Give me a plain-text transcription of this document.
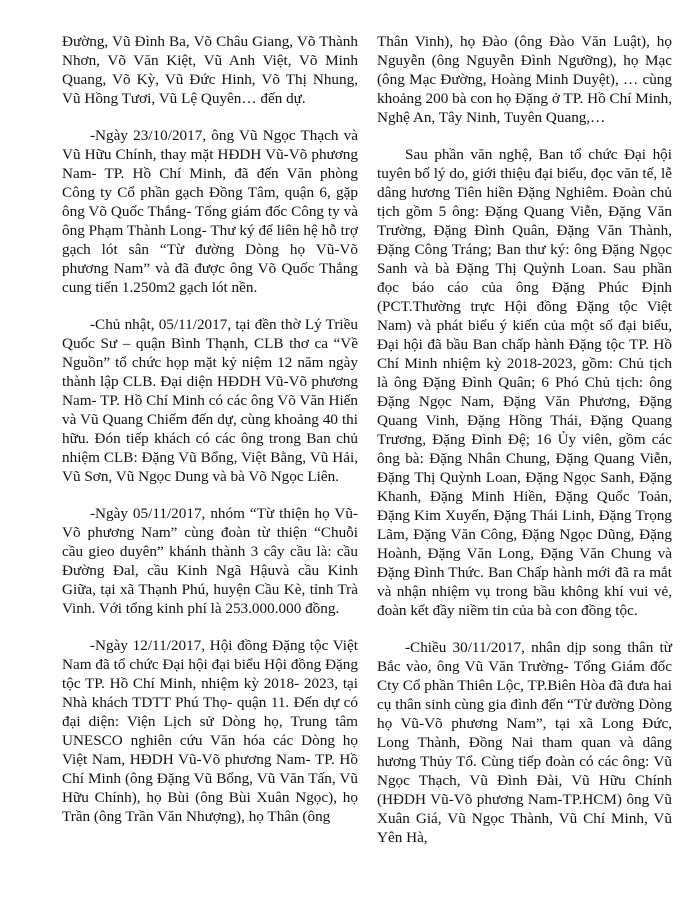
Đường, Vũ Đình Ba, Võ Châu Giang, Võ Thành Nhơn, Võ Văn Kiệt, Vũ Anh Việt, Võ Minh Quang, Võ Kỳ, Vũ Đức Hinh, Võ Thị Nhung, Vũ Hồng Tươi, Vũ Lệ Quyên… đến dự.

-Ngày 23/10/2017, ông Vũ Ngọc Thạch và Vũ Hữu Chính, thay mặt HĐDH Vũ-Võ phương Nam- TP. Hồ Chí Minh, đã đến Văn phòng Công ty Cổ phần gạch Đồng Tâm, quận 6, gặp ông Võ Quốc Thắng- Tổng giám đốc Công ty và ông Phạm Thành Long- Thư ký để liên hệ hỗ trợ gạch lót sân “Từ đường Dòng họ Vũ-Võ phương Nam” và đã được ông Võ Quốc Thắng cung tiến 1.250m2 gạch lót nền.

-Chủ nhật, 05/11/2017, tại đền thờ Lý Triều Quốc Sư – quận Bình Thạnh, CLB thơ ca “Về Nguồn” tổ chức họp mặt kỷ niệm 12 năm ngày thành lập CLB. Đại diện HĐDH Vũ-Võ phương Nam- TP. Hồ Chí Minh có các ông Võ Văn Hiến và Vũ Quang Chiếm đến dự, cùng khoảng 40 thi hữu. Đón tiếp khách có các ông trong Ban chủ nhiệm CLB: Đặng Vũ Bổng, Việt Bằng, Vũ Hải, Vũ Sơn, Vũ Ngọc Dung và bà Võ Ngọc Liên.

-Ngày 05/11/2017, nhóm “Từ thiện họ Vũ-Võ phương Nam” cùng đoàn từ thiện “Chuỗi cầu gieo duyên” khánh thành 3 cây cầu là: cầu Đường Đal, cầu Kinh Ngã Hậuvà cầu Kinh Giữa, tại xã Thạnh Phú, huyện Cầu Kè, tỉnh Trà Vinh. Với tổng kinh phí là 253.000.000 đồng.

-Ngày 12/11/2017, Hội đồng Đặng tộc Việt Nam đã tổ chức Đại hội đại biểu Hội đồng Đặng tộc TP. Hồ Chí Minh, nhiệm kỳ 2018- 2023, tại Nhà khách TDTT Phú Thọ- quận 11. Đến dự có đại diện: Viện Lịch sử Dòng họ, Trung tâm UNESCO nghiên cứu Văn hóa các Dòng họ Việt Nam, HĐDH Vũ-Võ phương Nam- TP. Hồ Chí Minh (ông Đặng Vũ Bổng, Vũ Văn Tấn, Vũ Hữu Chính), họ Bùi (ông Bùi Xuân Ngọc), họ Trần (ông Trần Văn Nhượng), họ Thân (ông

Thân Vinh), họ Đào (ông Đào Văn Luật), họ Nguyễn (ông Nguyễn Đình Ngưỡng), họ Mạc (ông Mạc Đường, Hoàng Minh Duyệt), … cùng khoảng 200 bà con họ Đặng ở TP. Hồ Chí Minh, Nghệ An, Tây Ninh, Tuyên Quang,…

Sau phần văn nghệ, Ban tổ chức Đại hội tuyên bố lý do, giới thiệu đại biểu, đọc văn tế, lễ dâng hương Tiên hiền Đặng Nghiêm. Đoàn chủ tịch gồm 5 ông: Đặng Quang Viễn, Đặng Văn Trường, Đặng Đình Quân, Đặng Văn Thành, Đặng Công Tráng; Ban thư ký: ông Đặng Ngọc Sanh và bà Đặng Thị Quỳnh Loan. Sau phần đọc báo cáo của ông Đặng Phúc Định (PCT.Thường trực Hội đồng Đặng tộc Việt Nam) và phát biểu ý kiến của một số đại biểu, Đại hội đã bầu Ban chấp hành Đặng tộc TP. Hồ Chí Minh nhiệm kỳ 2018-2023, gồm: Chủ tịch là ông Đặng Đình Quân; 6 Phó Chủ tịch: ông Đặng Ngọc Nam, Đặng Văn Phương, Đặng Quang Vinh, Đặng Hồng Thái, Đặng Quang Trương, Đặng Đình Đệ; 16 Ủy viên, gồm các ông bà: Đặng Nhân Chung, Đặng Quang Viễn, Đặng Thị Quỳnh Loan, Đặng Ngọc Sanh, Đặng Khanh, Đặng Minh Hiền, Đặng Quốc Toản, Đặng Kim Xuyến, Đặng Thái Linh, Đặng Trọng Lãm, Đặng Văn Công, Đặng Ngọc Dũng, Đặng Hoành, Đặng Văn Long, Đặng Văn Chung và Đặng Đình Thức. Ban Chấp hành mới đã ra mắt và nhận nhiệm vụ trong bầu không khí vui vẻ, đoàn kết đầy niềm tin của bà con đồng tộc.

-Chiều 30/11/2017, nhân dịp song thân từ Bắc vào, ông Vũ Văn Trường- Tổng Giám đốc Cty Cổ phần Thiên Lộc, TP.Biên Hòa đã đưa hai cụ thân sinh cùng gia đình đến “Từ đường Dòng họ Vũ-Võ phương Nam”, tại xã Long Đức, Long Thành, Đồng Nai tham quan và dâng hương Thủy Tổ. Cùng tiếp đoàn có các ông: Vũ Ngọc Thạch, Vũ Đình Đài, Vũ Hữu Chính (HĐDH Vũ-Võ phương Nam-TP.HCM) ông Vũ Xuân Giá, Vũ Ngọc Thành, Vũ Chí Minh, Vũ Yên Hà,
